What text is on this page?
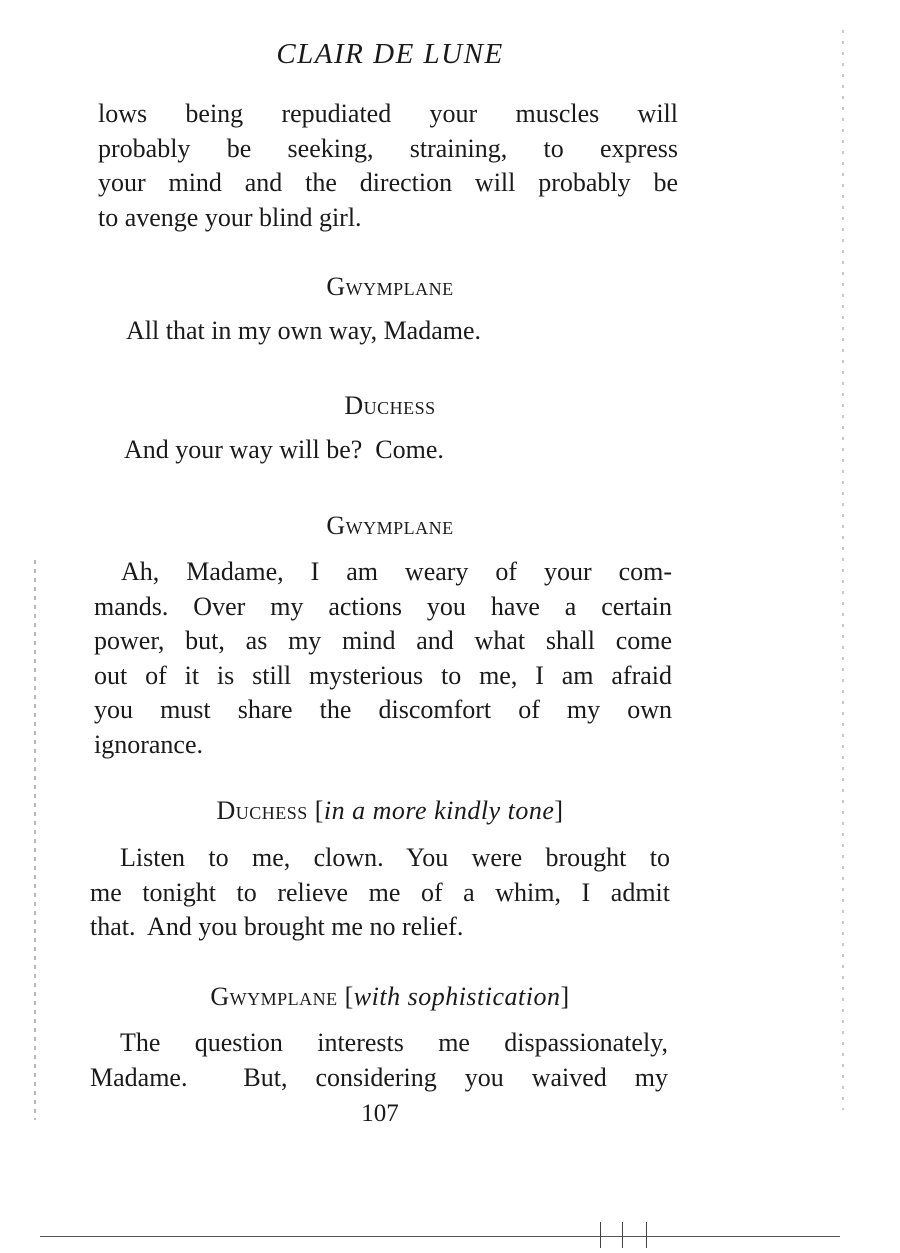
CLAIR DE LUNE

lows being repudiated your muscles will
probably be seeking, straining, to express
your mind and the direction will probably be
to avenge your blind girl.

Gwymplane

All that in my own way, Madame.

Duchess

And your way will be?  Come.

Gwymplane

Ah, Madame, I am weary of your com-
mands. Over my actions you have a certain
power, but, as my mind and what shall come
out of it is still mysterious to me, I am afraid
you must share the discomfort of my own
ignorance.

Duchess [in a more kindly tone]

Listen to me, clown. You were brought to
me tonight to relieve me of a whim, I admit
that.  And you brought me no relief.

Gwymplane [with sophistication]

The question interests me dispassionately,
Madame.  But, considering you waived my

107
